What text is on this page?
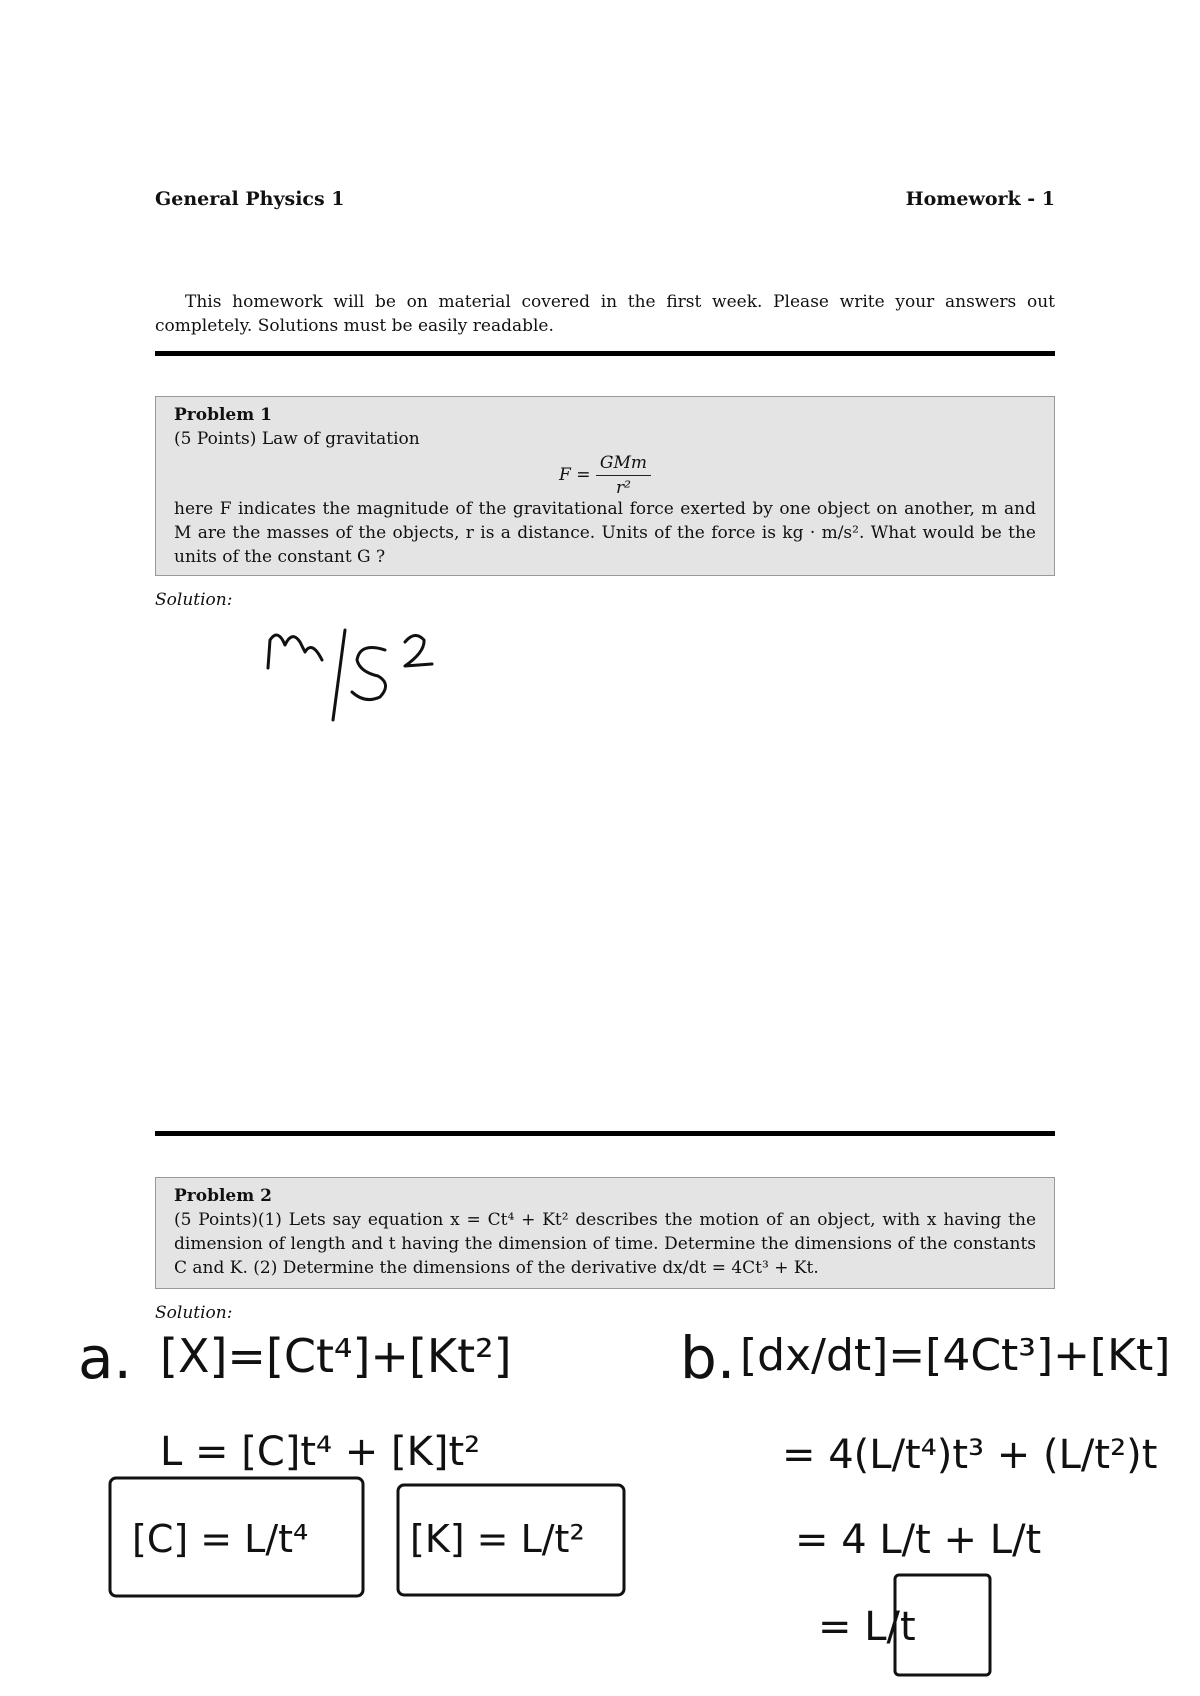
General Physics 1	Homework - 1
This homework will be on material covered in the first week. Please write your answers out completely. Solutions must be easily readable.
Problem 1
(5 Points) Law of gravitation
$F = \frac{\text{GMm}}{\text{r²}}$
here F indicates the magnitude of the gravitational force exerted by one object on another, m and M are the masses of the objects, r is a distance. Units of the force is kg · m/s². What would be the units of the constant G ?
Solution:
Problem 2
(5 Points)(1) Lets say equation x = Ct⁴ + Kt² describes the motion of an object, with x having the dimension of length and t having the dimension of time. Determine the dimensions of the constants C and K. (2) Determine the dimensions of the derivative dx/dt = 4Ct³ + Kt.
Solution:
m/s²
a. [X]=[Ct⁴]+[Kt²]
L = [C]t⁴ + [K]t²
[C] = L/t⁴	[K] = L/t²
b. [dx/dt]=[4Ct³]+[Kt]
= 4(L/t⁴)t³ + (L/t²)t
= 4 L/t + L/t
= L/t
